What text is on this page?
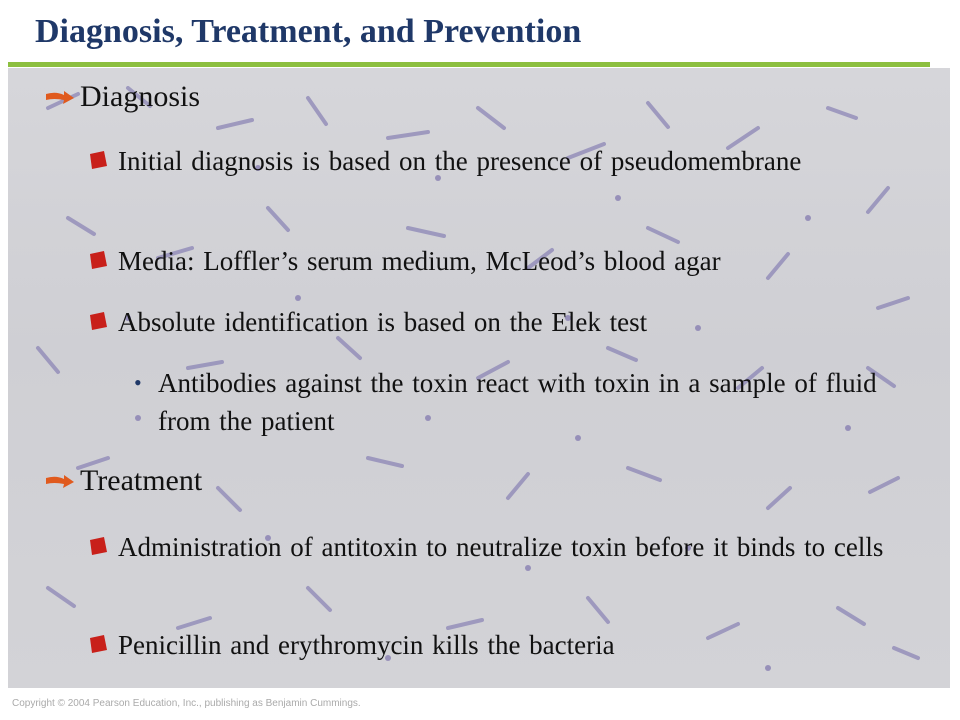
Diagnosis, Treatment, and Prevention
Diagnosis
Initial diagnosis is based on the presence of pseudomembrane
Media: Loffler’s serum medium, McLeod’s blood agar
Absolute identification is based on the Elek test
• Antibodies against the toxin react with toxin in a sample of fluid from the patient
Treatment
Administration of antitoxin to neutralize toxin before it binds to cells
Penicillin and erythromycin kills the bacteria
Copyright © 2004 Pearson Education, Inc., publishing as Benjamin Cummings.
